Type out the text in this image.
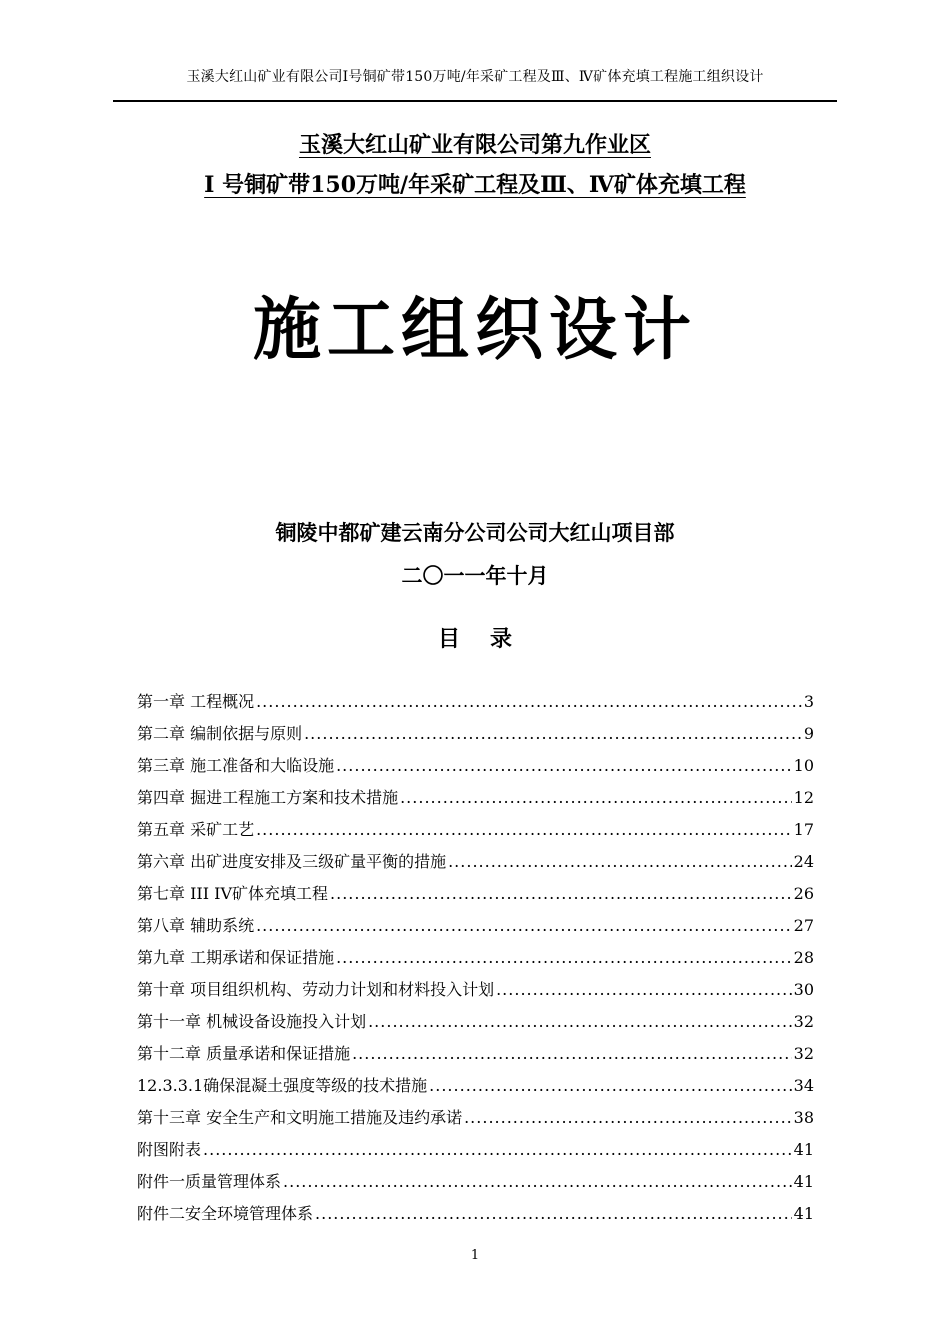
玉溪大红山矿业有限公司Ⅰ号铜矿带150万吨/年采矿工程及Ⅲ、Ⅳ矿体充填工程施工组织设计
玉溪大红山矿业有限公司第九作业区
Ⅰ 号铜矿带150万吨/年采矿工程及Ⅲ、Ⅳ矿体充填工程
施工组织设计
铜陵中都矿建云南分公司公司大红山项目部
二〇一一年十月
目录
第一章 工程概况 .....	3
第二章 编制依据与原则 .....	9
第三章 施工准备和大临设施 .....	10
第四章 掘进工程施工方案和技术措施 .....	12
第五章 采矿工艺 .....	17
第六章 出矿进度安排及三级矿量平衡的措施 .....	24
第七章 III IV矿体充填工程 .....	26
第八章 辅助系统 .....	27
第九章 工期承诺和保证措施 .....	28
第十章 项目组织机构、劳动力计划和材料投入计划 .....	30
第十一章 机械设备设施投入计划 .....	32
第十二章 质量承诺和保证措施 .....	32
12.3.3.1确保混凝土强度等级的技术措施 .....	34
第十三章 安全生产和文明施工措施及违约承诺 .....	38
附图附表 .....	41
附件一质量管理体系 .....	41
附件二安全环境管理体系 .....	41
1
